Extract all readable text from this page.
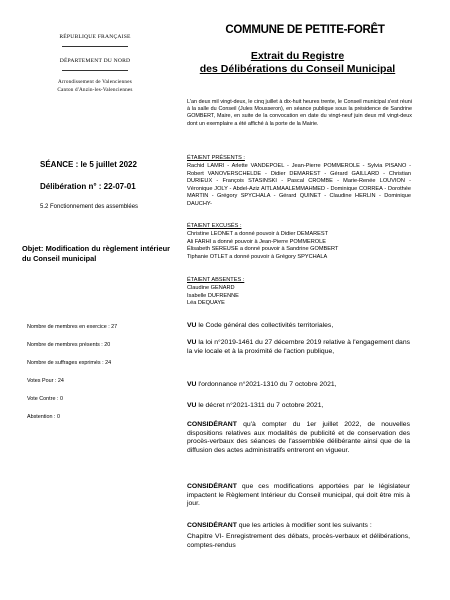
RÉPUBLIQUE FRANÇAISE
DÉPARTEMENT DU NORD
Arrondissement de Valenciennes
Canton d'Anzin-les-Valenciennes
COMMUNE DE PETITE-FORÊT
Extrait du Registre
des Délibérations du Conseil Municipal
L'an deux mil vingt-deux, le cinq juillet à dix-huit heures trente, le Conseil municipal s'est réuni à la salle du Conseil (Jules Mousseron), en séance publique sous la présidence de Sandrine GOMBERT, Maire, en suite de la convocation en date du vingt-neuf juin deux mil vingt-deux dont un exemplaire a été affiché à la porte de la Mairie.
SÉANCE : le 5 juillet 2022
Délibération n° : 22-07-01
5.2 Fonctionnement des assemblées
Objet: Modification du règlement intérieur du Conseil municipal
ÉTAIENT PRÉSENTS :
Rachid LAMRI - Arlette VANDEPOEL - Jean-Pierre POMMEROLE - Sylvia PISANO - Robert VANOVERSCHELDE - Didier DEMAREST - Gérard GAILLARD - Christian DURIEUX - François STASINSKI - Pascal CROMBE - Marie-Renée LOUVION - Véronique JOLY - Abdel-Aziz AITLAMAALEMMAHMED - Dominique CORREA - Dorothée MARTIN - Grégory SPYCHALA - Gérard QUINET - Claudine HERLIN - Dominique DAUCHY-
ÉTAIENT EXCUSÉS :
Christine LEONET a donné pouvoir à Didier DEMAREST
Ali FARHI a donné pouvoir à Jean-Pierre POMMEROLE
Élisabeth SEREUSE a donné pouvoir à Sandrine GOMBERT
Tiphanie OTLET a donné pouvoir à Grégory SPYCHALA
ÉTAIENT ABSENTES :
Claudine GENARD
Isabelle DUFRENNE
Léa DEQUAYE
Nombre de membres en exercice : 27
Nombre de membres présents : 20
Nombre de suffrages exprimés : 24
Votes Pour : 24
Vote Contre : 0
Abstention : 0
VU le Code général des collectivités territoriales,
VU la loi n°2019-1461 du 27 décembre 2019 relative à l'engagement dans la vie locale et à la proximité de l'action publique,
VU l'ordonnance n°2021-1310 du 7 octobre 2021,
VU le décret n°2021-1311 du 7 octobre 2021,
CONSIDÉRANT qu'à compter du 1er juillet 2022, de nouvelles dispositions relatives aux modalités de publicité et de conservation des procès-verbaux des séances de l'assemblée délibérante ainsi que de la diffusion des actes administratifs entreront en vigueur.
CONSIDÉRANT que ces modifications apportées par le législateur impactent le Règlement Intérieur du Conseil municipal, qui doit être mis à jour.
CONSIDÉRANT que les articles à modifier sont les suivants :
Chapitre VI- Enregistrement des débats, procès-verbaux et délibérations, comptes-rendus
